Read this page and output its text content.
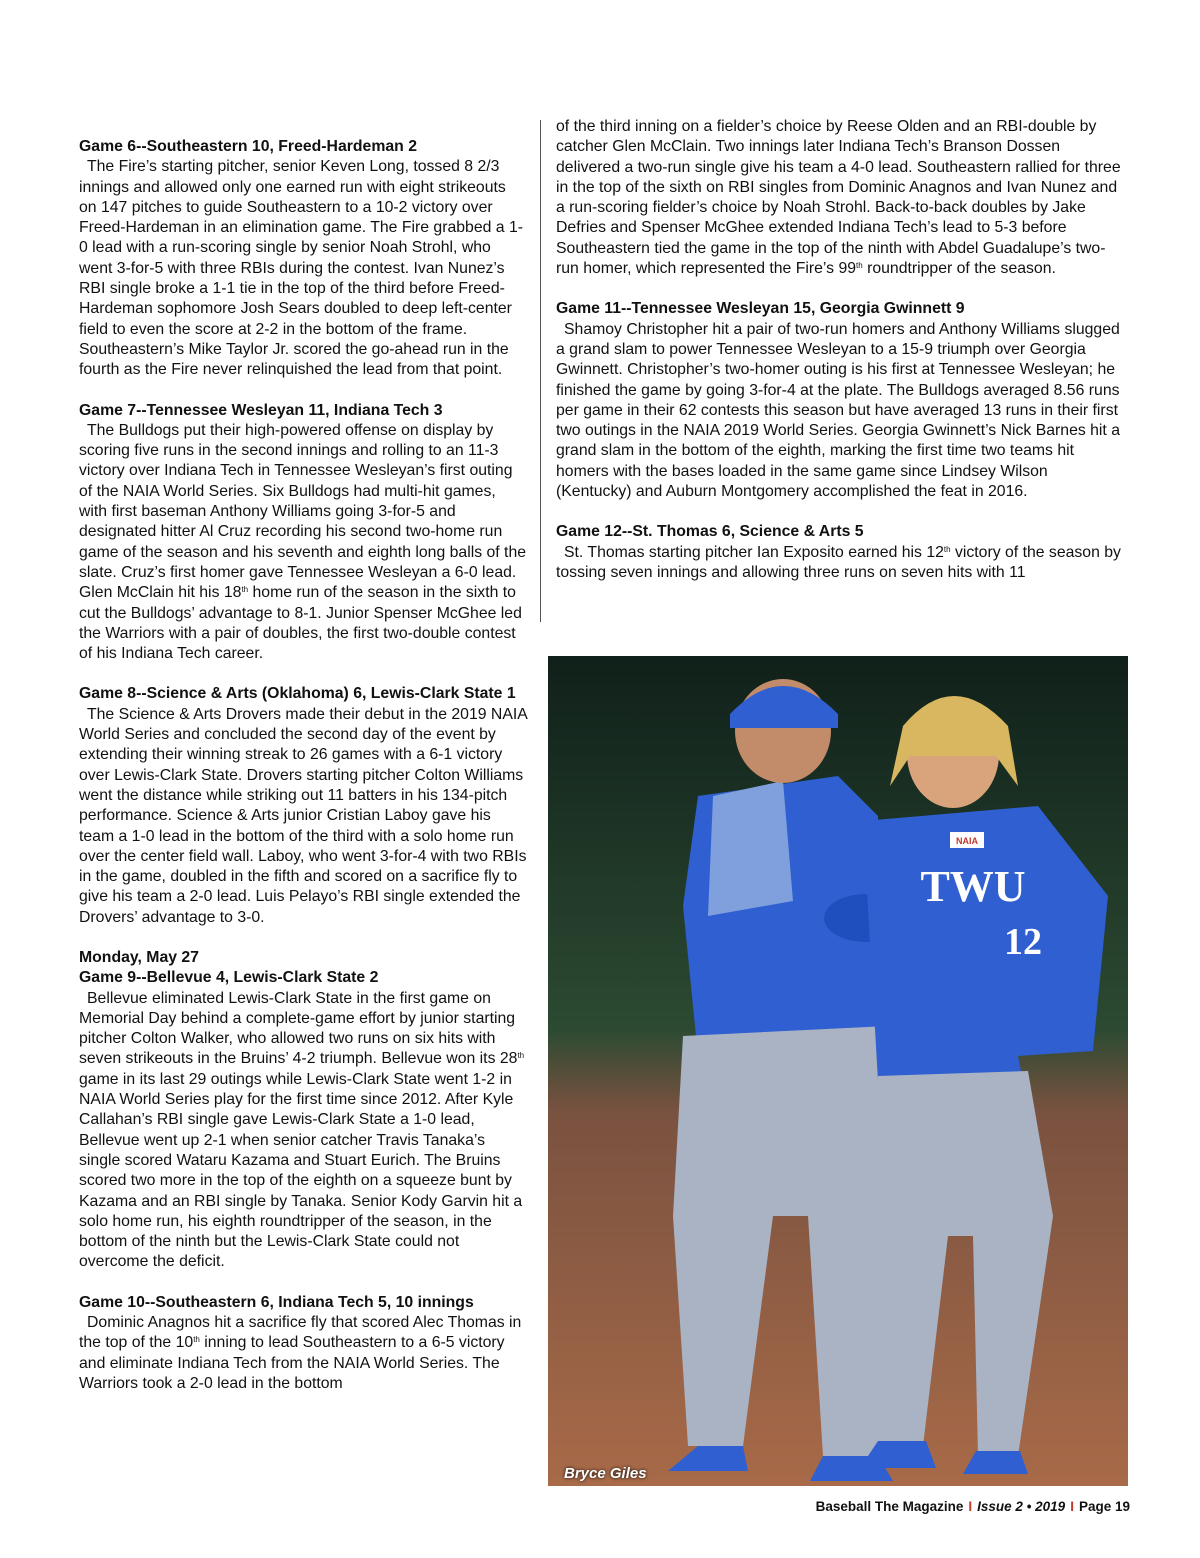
Game 6--Southeastern 10, Freed-Hardeman 2

The Fire’s starting pitcher, senior Keven Long, tossed 8 2/3 innings and allowed only one earned run with eight strikeouts on 147 pitches to guide Southeastern to a 10-2 victory over Freed-Hardeman in an elimination game. The Fire grabbed a 1-0 lead with a run-scoring single by senior Noah Strohl, who went 3-for-5 with three RBIs during the contest. Ivan Nunez’s RBI single broke a 1-1 tie in the top of the third before Freed-Hardeman sophomore Josh Sears doubled to deep left-center field to even the score at 2-2 in the bottom of the frame. Southeastern’s Mike Taylor Jr. scored the go-ahead run in the fourth as the Fire never relinquished the lead from that point.

Game 7--Tennessee Wesleyan 11, Indiana Tech 3

The Bulldogs put their high-powered offense on display by scoring five runs in the second innings and rolling to an 11-3 victory over Indiana Tech in Tennessee Wesleyan’s first outing of the NAIA World Series. Six Bulldogs had multi-hit games, with first baseman Anthony Williams going 3-for-5 and designated hitter Al Cruz recording his second two-home run game of the season and his seventh and eighth long balls of the slate. Cruz’s first homer gave Tennessee Wesleyan a 6-0 lead. Glen McClain hit his 18th home run of the season in the sixth to cut the Bulldogs’ advantage to 8-1. Junior Spenser McGhee led the Warriors with a pair of doubles, the first two-double contest of his Indiana Tech career.

Game 8--Science & Arts (Oklahoma) 6, Lewis-Clark State 1

The Science & Arts Drovers made their debut in the 2019 NAIA World Series and concluded the second day of the event by extending their winning streak to 26 games with a 6-1 victory over Lewis-Clark State. Drovers starting pitcher Colton Williams went the distance while striking out 11 batters in his 134-pitch performance. Science & Arts junior Cristian Laboy gave his team a 1-0 lead in the bottom of the third with a solo home run over the center field wall. Laboy, who went 3-for-4 with two RBIs in the game, doubled in the fifth and scored on a sacrifice fly to give his team a 2-0 lead. Luis Pelayo’s RBI single extended the Drovers’ advantage to 3-0.

Monday, May 27

Game 9--Bellevue 4, Lewis-Clark State 2

Bellevue eliminated Lewis-Clark State in the first game on Memorial Day behind a complete-game effort by junior starting pitcher Colton Walker, who allowed two runs on six hits with seven strikeouts in the Bruins’ 4-2 triumph. Bellevue won its 28th game in its last 29 outings while Lewis-Clark State went 1-2 in NAIA World Series play for the first time since 2012. After Kyle Callahan’s RBI single gave Lewis-Clark State a 1-0 lead, Bellevue went up 2-1 when senior catcher Travis Tanaka’s single scored Wataru Kazama and Stuart Eurich. The Bruins scored two more in the top of the eighth on a squeeze bunt by Kazama and an RBI single by Tanaka. Senior Kody Garvin hit a solo home run, his eighth roundtripper of the season, in the bottom of the ninth but the Lewis-Clark State could not overcome the deficit.

Game 10--Southeastern 6, Indiana Tech 5, 10 innings

Dominic Anagnos hit a sacrifice fly that scored Alec Thomas in the top of the 10th inning to lead Southeastern to a 6-5 victory and eliminate Indiana Tech from the NAIA World Series. The Warriors took a 2-0 lead in the bottom

of the third inning on a fielder’s choice by Reese Olden and an RBI-double by catcher Glen McClain. Two innings later Indiana Tech’s Branson Dossen delivered a two-run single give his team a 4-0 lead. Southeastern rallied for three in the top of the sixth on RBI singles from Dominic Anagnos and Ivan Nunez and a run-scoring fielder’s choice by Noah Strohl. Back-to-back doubles by Jake Defries and Spenser McGhee extended Indiana Tech’s lead to 5-3 before Southeastern tied the game in the top of the ninth with Abdel Guadalupe’s two-run homer, which represented the Fire’s 99th roundtripper of the season.

Game 11--Tennessee Wesleyan 15, Georgia Gwinnett 9

Shamoy Christopher hit a pair of two-run homers and Anthony Williams slugged a grand slam to power Tennessee Wesleyan to a 15-9 triumph over Georgia Gwinnett. Christopher’s two-homer outing is his first at Tennessee Wesleyan; he finished the game by going 3-for-4 at the plate. The Bulldogs averaged 8.56 runs per game in their 62 contests this season but have averaged 13 runs in their first two outings in the NAIA 2019 World Series. Georgia Gwinnett’s Nick Barnes hit a grand slam in the bottom of the eighth, marking the first time two teams hit homers with the bases loaded in the same game since Lindsey Wilson (Kentucky) and Auburn Montgomery accomplished the feat in 2016.

Game 12--St. Thomas 6, Science & Arts 5

St. Thomas starting pitcher Ian Exposito earned his 12th victory of the season by tossing seven innings and allowing three runs on seven hits with 11

NAIA
TWU
12
Bryce Giles
Baseball The Magazine I Issue 2 • 2019 I Page 19
